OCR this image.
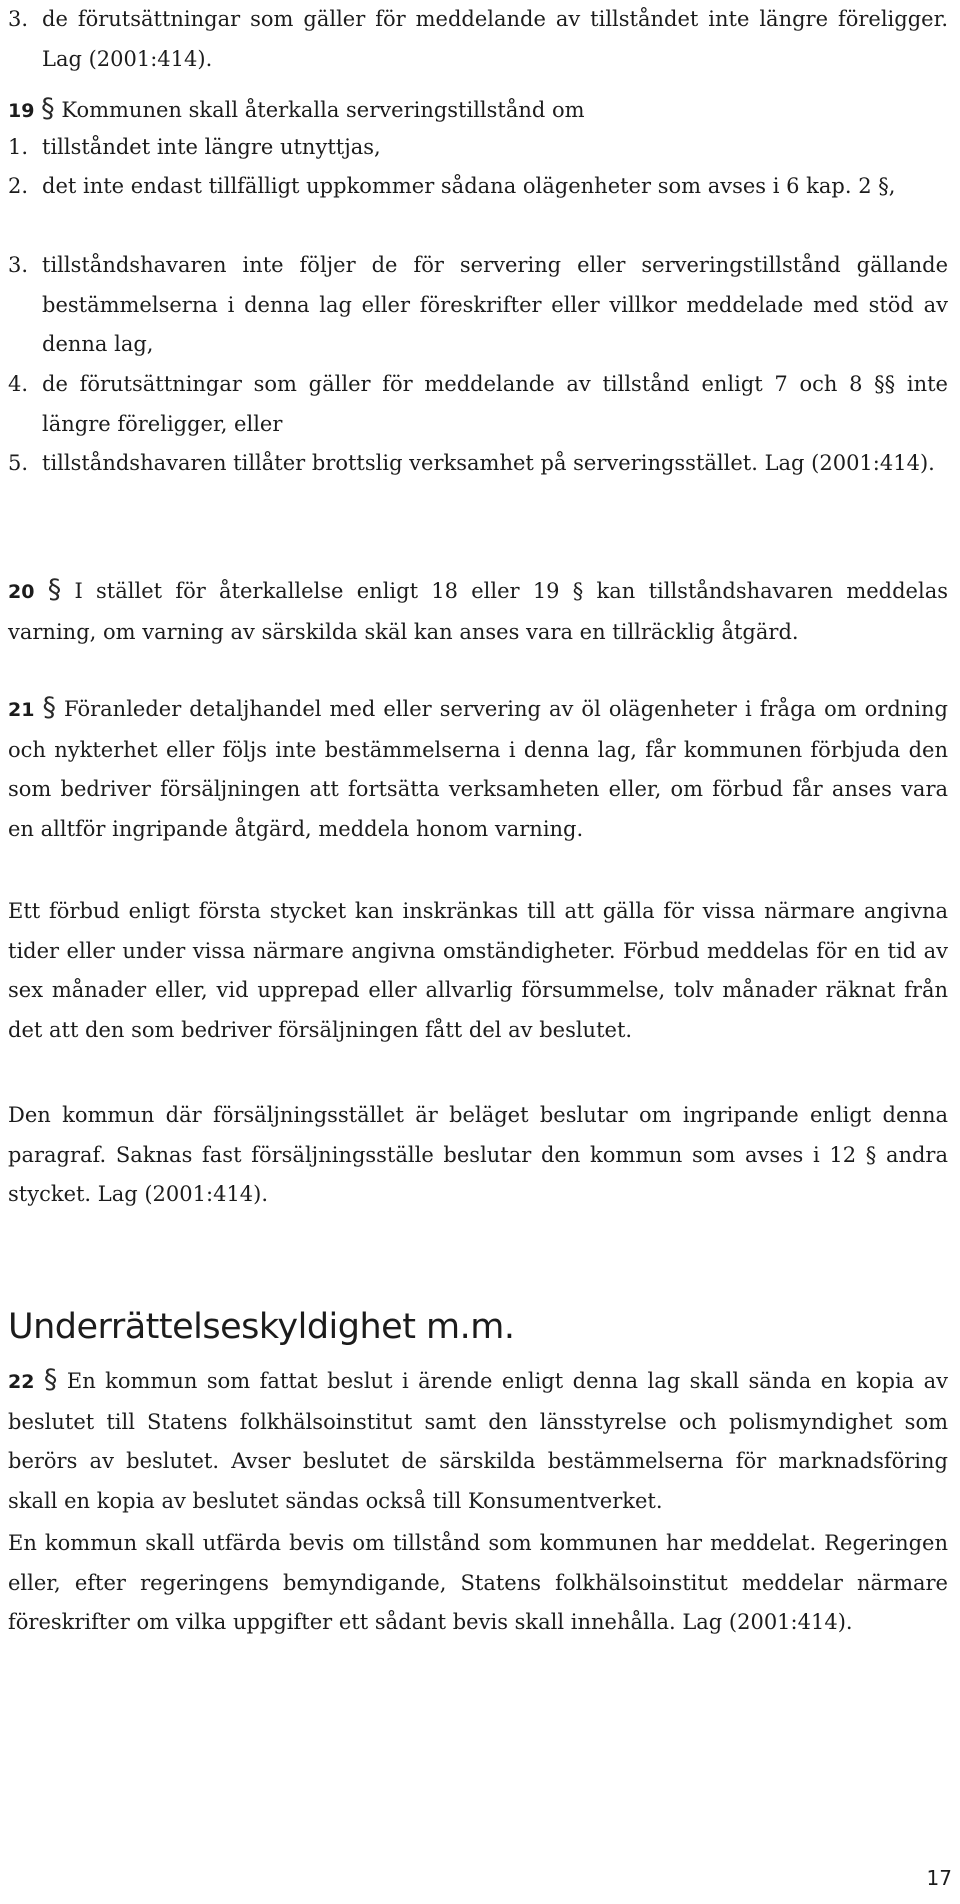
3. de förutsättningar som gäller för meddelande av tillståndet inte längre föreligger. Lag (2001:414).

19 § Kommunen skall återkalla serveringstillstånd om

1. tillståndet inte längre utnyttjas,
2. det inte endast tillfälligt uppkommer sådana olägenheter som avses i 6 kap. 2 §,
3. tillståndshavaren inte följer de för servering eller serveringstillstånd gällande bestämmelserna i denna lag eller föreskrifter eller villkor meddelade med stöd av denna lag,
4. de förutsättningar som gäller för meddelande av tillstånd enligt 7 och 8 §§ inte längre föreligger, eller
5. tillståndshavaren tillåter brottslig verksamhet på serveringsstället. Lag (2001:414).

20 § I stället för återkallelse enligt 18 eller 19 § kan tillståndshavaren meddelas varning, om varning av särskilda skäl kan anses vara en tillräcklig åtgärd.

21 § Föranleder detaljhandel med eller servering av öl olägenheter i fråga om ordning och nykterhet eller följs inte bestämmelserna i denna lag, får kommunen förbjuda den som bedriver försäljningen att fortsätta verksamheten eller, om förbud får anses vara en alltför ingripande åtgärd, meddela honom varning.

Ett förbud enligt första stycket kan inskränkas till att gälla för vissa närmare angivna tider eller under vissa närmare angivna omständigheter. Förbud meddelas för en tid av sex månader eller, vid upprepad eller allvarlig försummelse, tolv månader räknat från det att den som bedriver försäljningen fått del av beslutet.

Den kommun där försäljningsstället är beläget beslutar om ingripande enligt denna paragraf. Saknas fast försäljningsställe beslutar den kommun som avses i 12 § andra stycket. Lag (2001:414).

Underrättelseskyldighet m.m.

22 § En kommun som fattat beslut i ärende enligt denna lag skall sända en kopia av beslutet till Statens folkhälsoinstitut samt den länsstyrelse och polismyndighet som berörs av beslutet. Avser beslutet de särskilda bestämmelserna för marknadsföring skall en kopia av beslutet sändas också till Konsumentverket.

En kommun skall utfärda bevis om tillstånd som kommunen har meddelat. Regeringen eller, efter regeringens bemyndigande, Statens folkhälsoinstitut meddelar närmare föreskrifter om vilka uppgifter ett sådant bevis skall innehålla. Lag (2001:414).

17
